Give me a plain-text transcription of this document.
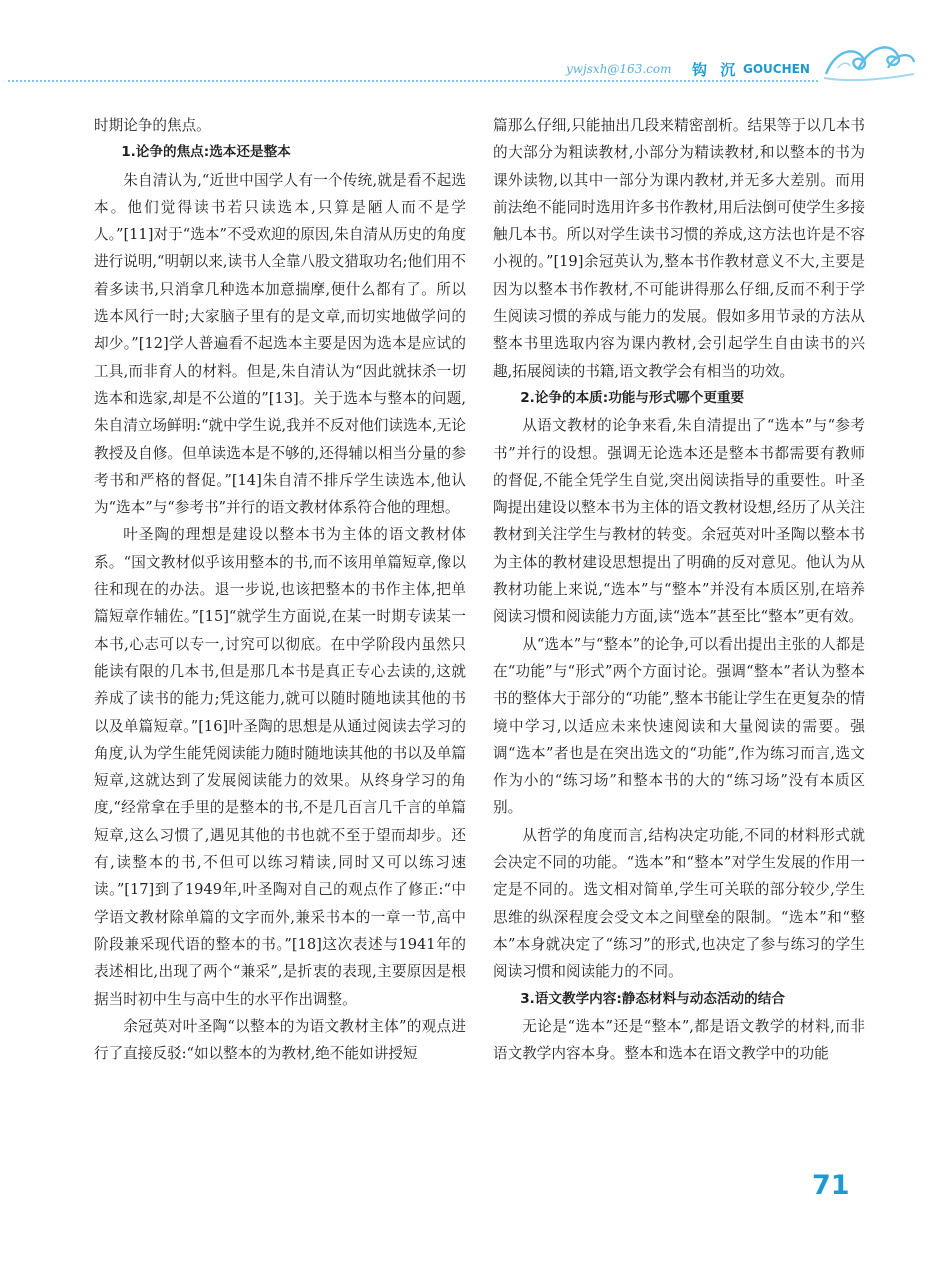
ywjsxh@163.com 钩 沉 GOUCHEN

时期论争的焦点。

1.论争的焦点:选本还是整本

朱自清认为,“近世中国学人有一个传统,就是看不起选本。他们觉得读书若只读选本,只算是陋人而不是学人。”[11]对于“选本”不受欢迎的原因,朱自清从历史的角度进行说明,“明朝以来,读书人全靠八股文猎取功名;他们用不着多读书,只消拿几种选本加意揣摩,便什么都有了。所以选本风行一时;大家脑子里有的是文章,而切实地做学问的却少。”[12]学人普遍看不起选本主要是因为选本是应试的工具,而非育人的材料。但是,朱自清认为“因此就抹杀一切选本和选家,却是不公道的”[13]。关于选本与整本的问题,朱自清立场鲜明:“就中学生说,我并不反对他们读选本,无论教授及自修。但单读选本是不够的,还得辅以相当分量的参考书和严格的督促。”[14]朱自清不排斥学生读选本,他认为“选本”与“参考书”并行的语文教材体系符合他的理想。

叶圣陶的理想是建设以整本书为主体的语文教材体系。“国文教材似乎该用整本的书,而不该用单篇短章,像以往和现在的办法。退一步说,也该把整本的书作主体,把单篇短章作辅佐。”[15]“就学生方面说,在某一时期专读某一本书,心志可以专一,讨究可以彻底。在中学阶段内虽然只能读有限的几本书,但是那几本书是真正专心去读的,这就养成了读书的能力;凭这能力,就可以随时随地读其他的书以及单篇短章。”[16]叶圣陶的思想是从通过阅读去学习的角度,认为学生能凭阅读能力随时随地读其他的书以及单篇短章,这就达到了发展阅读能力的效果。从终身学习的角度,“经常拿在手里的是整本的书,不是几百言几千言的单篇短章,这么习惯了,遇见其他的书也就不至于望而却步。还有,读整本的书,不但可以练习精读,同时又可以练习速读。”[17]到了1949年,叶圣陶对自己的观点作了修正:“中学语文教材除单篇的文字而外,兼采书本的一章一节,高中阶段兼采现代语的整本的书。”[18]这次表述与1941年的表述相比,出现了两个“兼采”,是折衷的表现,主要原因是根据当时初中生与高中生的水平作出调整。

余冠英对叶圣陶“以整本的为语文教材主体”的观点进行了直接反驳:“如以整本的为教材,绝不能如讲授短

篇那么仔细,只能抽出几段来精密剖析。结果等于以几本书的大部分为粗读教材,小部分为精读教材,和以整本的书为课外读物,以其中一部分为课内教材,并无多大差别。而用前法绝不能同时选用许多书作教材,用后法倒可使学生多接触几本书。所以对学生读书习惯的养成,这方法也许是不容小视的。”[19]余冠英认为,整本书作教材意义不大,主要是因为以整本书作教材,不可能讲得那么仔细,反而不利于学生阅读习惯的养成与能力的发展。假如多用节录的方法从整本书里选取内容为课内教材,会引起学生自由读书的兴趣,拓展阅读的书籍,语文教学会有相当的功效。

2.论争的本质:功能与形式哪个更重要

从语文教材的论争来看,朱自清提出了“选本”与“参考书”并行的设想。强调无论选本还是整本书都需要有教师的督促,不能全凭学生自觉,突出阅读指导的重要性。叶圣陶提出建设以整本书为主体的语文教材设想,经历了从关注教材到关注学生与教材的转变。余冠英对叶圣陶以整本书为主体的教材建设思想提出了明确的反对意见。他认为从教材功能上来说,“选本”与“整本”并没有本质区别,在培养阅读习惯和阅读能力方面,读“选本”甚至比“整本”更有效。

从“选本”与“整本”的论争,可以看出提出主张的人都是在“功能”与“形式”两个方面讨论。强调“整本”者认为整本书的整体大于部分的“功能”,整本书能让学生在更复杂的情境中学习,以适应未来快速阅读和大量阅读的需要。强调“选本”者也是在突出选文的“功能”,作为练习而言,选文作为小的“练习场”和整本书的大的“练习场”没有本质区别。

从哲学的角度而言,结构决定功能,不同的材料形式就会决定不同的功能。“选本”和“整本”对学生发展的作用一定是不同的。选文相对简单,学生可关联的部分较少,学生思维的纵深程度会受文本之间壁垒的限制。“选本”和“整本”本身就决定了“练习”的形式,也决定了参与练习的学生阅读习惯和阅读能力的不同。

3.语文教学内容:静态材料与动态活动的结合

无论是“选本”还是“整本”,都是语文教学的材料,而非语文教学内容本身。整本和选本在语文教学中的功能

71
